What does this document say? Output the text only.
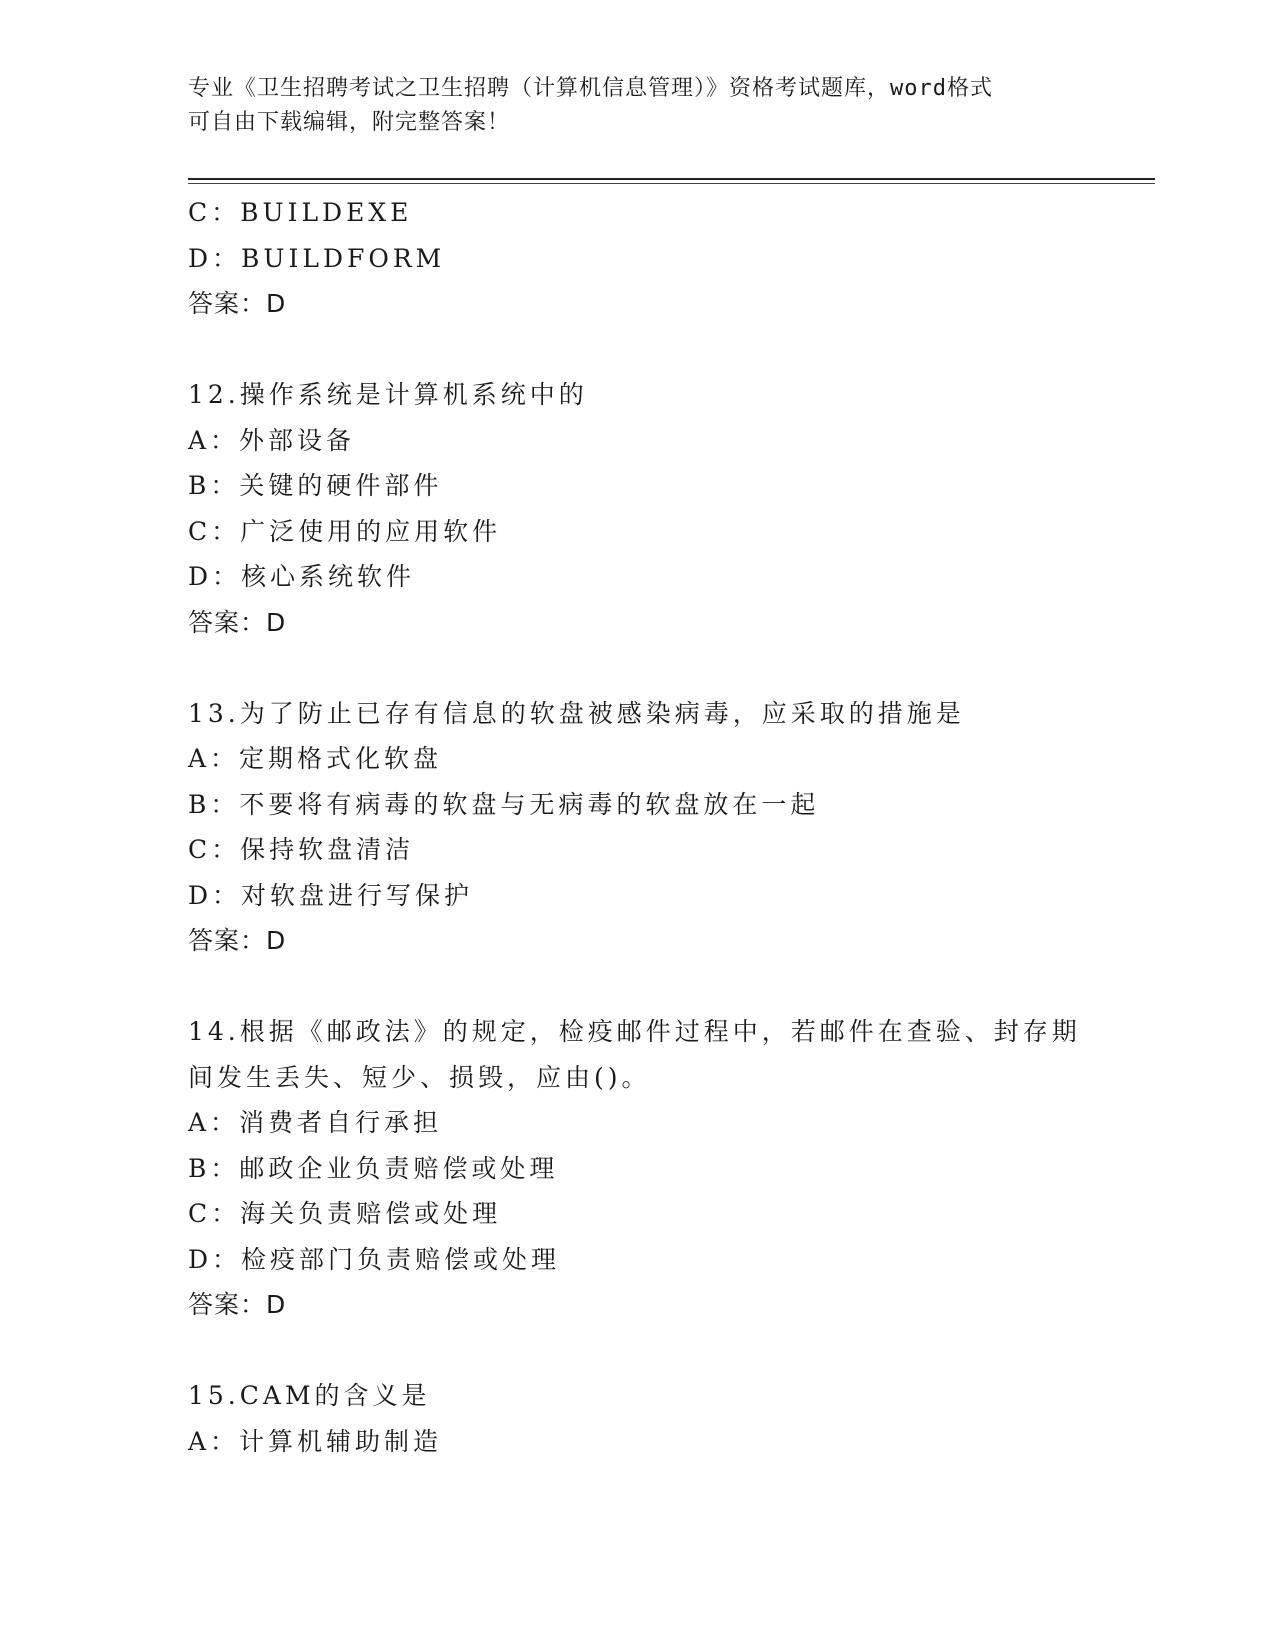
专业《卫生招聘考试之卫生招聘（计算机信息管理）》资格考试题库，word格式
可自由下载编辑，附完整答案！
C：BUILDEXE
D：BUILDFORM
答案：D
12.操作系统是计算机系统中的
A：外部设备
B：关键的硬件部件
C：广泛使用的应用软件
D：核心系统软件
答案：D
13.为了防止已存有信息的软盘被感染病毒，应采取的措施是
A：定期格式化软盘
B：不要将有病毒的软盘与无病毒的软盘放在一起
C：保持软盘清洁
D：对软盘进行写保护
答案：D
14.根据《邮政法》的规定，检疫邮件过程中，若邮件在查验、封存期
间发生丢失、短少、损毁，应由()。
A：消费者自行承担
B：邮政企业负责赔偿或处理
C：海关负责赔偿或处理
D：检疫部门负责赔偿或处理
答案：D
15.CAM的含义是
A：计算机辅助制造
